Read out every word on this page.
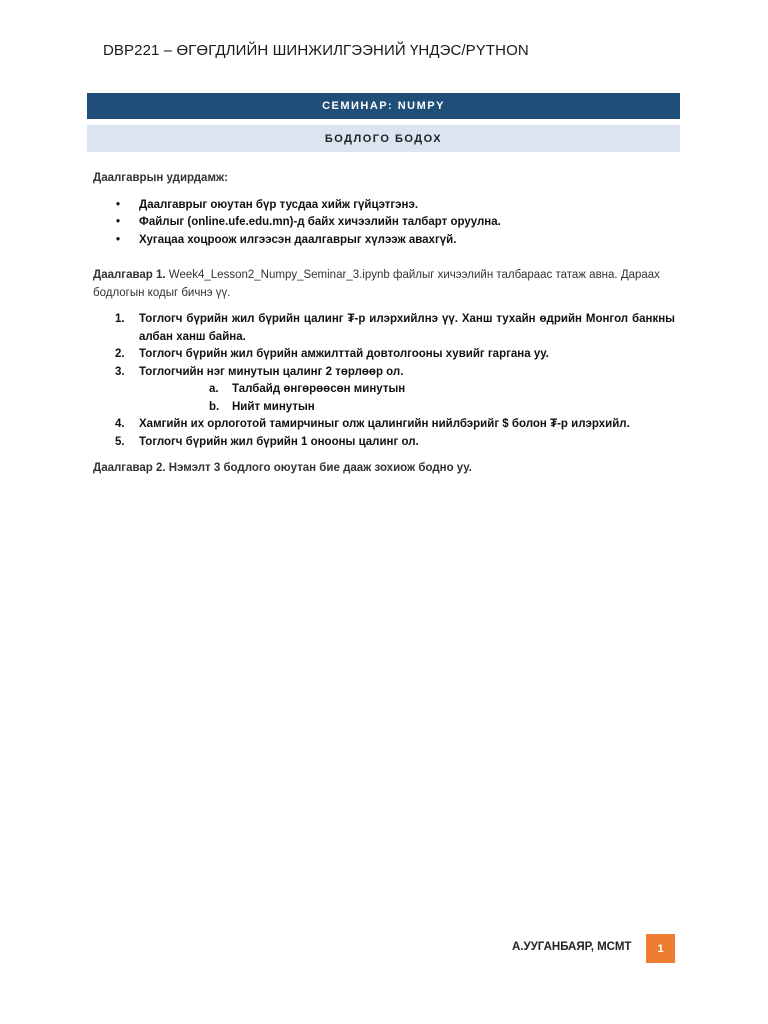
DBP221 – ӨГӨГДЛИЙН ШИНЖИЛГЭЭНИЙ ҮНДЭС/PYTHON
СЕМИНАР: NUMPY
БОДЛОГО БОДОХ
Даалгаврын удирдамж:
• Даалгаврыг оюутан бүр тусдаа хийж гүйцэтгэнэ.
• Файлыг (online.ufe.edu.mn)-д байх хичээлийн талбарт оруулна.
• Хугацаа хоцроож илгээсэн даалгаврыг хүлээж авахгүй.
Даалгавар 1. Week4_Lesson2_Numpy_Seminar_3.ipynb файлыг хичээлийн талбараас татаж авна. Дараах бодлогын кодыг бичнэ үү.
1. Тоглогч бүрийн жил бүрийн цалинг ₮-р илэрхийлнэ үү. Ханш тухайн өдрийн Монгол банкны албан ханш байна.
2. Тоглогч бүрийн жил бүрийн амжилттай довтолгооны хувийг гаргана уу.
3. Тоглогчийн нэг минутын цалинг 2 төрлөөр ол.
a. Талбайд өнгөрөөсөн минутын
b. Нийт минутын
4. Хамгийн их орлоготой тамирчиныг олж цалингийн нийлбэрийг $ болон ₮-р илэрхийл.
5. Тоглогч бүрийн жил бүрийн 1 онооны цалинг ол.
Даалгавар 2. Нэмэлт 3 бодлого оюутан бие дааж зохиож бодно уу.
А.УУГАНБАЯР, МСМТ	1
